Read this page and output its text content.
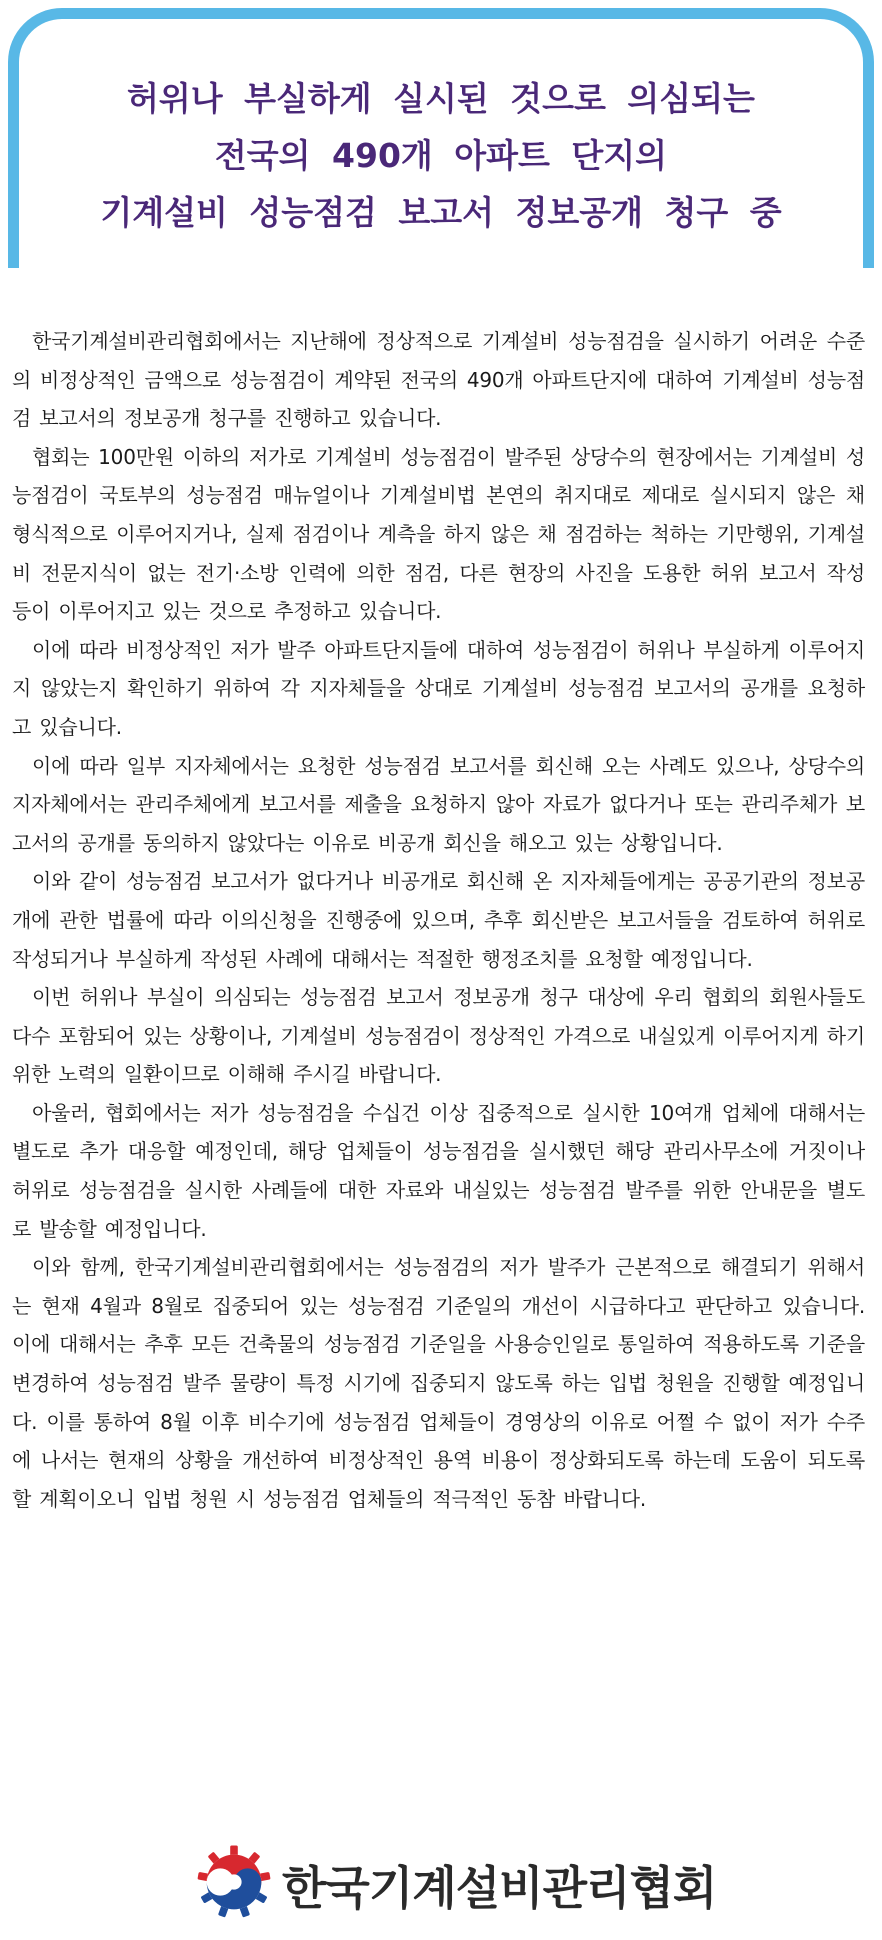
허위나 부실하게 실시된 것으로 의심되는
전국의 490개 아파트 단지의
기계설비 성능점검 보고서 정보공개 청구 중

한국기계설비관리협회에서는 지난해에 정상적으로 기계설비 성능점검을 실시하기 어려운 수준의 비정상적인 금액으로 성능점검이 계약된 전국의 490개 아파트단지에 대하여 기계설비 성능점검 보고서의 정보공개 청구를 진행하고 있습니다.

협회는 100만원 이하의 저가로 기계설비 성능점검이 발주된 상당수의 현장에서는 기계설비 성능점검이 국토부의 성능점검 매뉴얼이나 기계설비법 본연의 취지대로 제대로 실시되지 않은 채 형식적으로 이루어지거나, 실제 점검이나 계측을 하지 않은 채 점검하는 척하는 기만행위, 기계설비 전문지식이 없는 전기·소방 인력에 의한 점검, 다른 현장의 사진을 도용한 허위 보고서 작성 등이 이루어지고 있는 것으로 추정하고 있습니다.

이에 따라 비정상적인 저가 발주 아파트단지들에 대하여 성능점검이 허위나 부실하게 이루어지지 않았는지 확인하기 위하여 각 지자체들을 상대로 기계설비 성능점검 보고서의 공개를 요청하고 있습니다.

이에 따라 일부 지자체에서는 요청한 성능점검 보고서를 회신해 오는 사례도 있으나, 상당수의 지자체에서는 관리주체에게 보고서를 제출을 요청하지 않아 자료가 없다거나 또는 관리주체가 보고서의 공개를 동의하지 않았다는 이유로 비공개 회신을 해오고 있는 상황입니다.

이와 같이 성능점검 보고서가 없다거나 비공개로 회신해 온 지자체들에게는 공공기관의 정보공개에 관한 법률에 따라 이의신청을 진행중에 있으며, 추후 회신받은 보고서들을 검토하여 허위로 작성되거나 부실하게 작성된 사례에 대해서는 적절한 행정조치를 요청할 예정입니다.

이번 허위나 부실이 의심되는 성능점검 보고서 정보공개 청구 대상에 우리 협회의 회원사들도 다수 포함되어 있는 상황이나, 기계설비 성능점검이 정상적인 가격으로 내실있게 이루어지게 하기 위한 노력의 일환이므로 이해해 주시길 바랍니다.

아울러, 협회에서는 저가 성능점검을 수십건 이상 집중적으로 실시한 10여개 업체에 대해서는 별도로 추가 대응할 예정인데, 해당 업체들이 성능점검을 실시했던 해당 관리사무소에 거짓이나 허위로 성능점검을 실시한 사례들에 대한 자료와 내실있는 성능점검 발주를 위한 안내문을 별도로 발송할 예정입니다.

이와 함께, 한국기계설비관리협회에서는 성능점검의 저가 발주가 근본적으로 해결되기 위해서는 현재 4월과 8월로 집중되어 있는 성능점검 기준일의 개선이 시급하다고 판단하고 있습니다. 이에 대해서는 추후 모든 건축물의 성능점검 기준일을 사용승인일로 통일하여 적용하도록 기준을 변경하여 성능점검 발주 물량이 특정 시기에 집중되지 않도록 하는 입법 청원을 진행할 예정입니다. 이를 통하여 8월 이후 비수기에 성능점검 업체들이 경영상의 이유로 어쩔 수 없이 저가 수주에 나서는 현재의 상황을 개선하여 비정상적인 용역 비용이 정상화되도록 하는데 도움이 되도록 할 계획이오니 입법 청원 시 성능점검 업체들의 적극적인 동참 바랍니다.

한국기계설비관리협회
